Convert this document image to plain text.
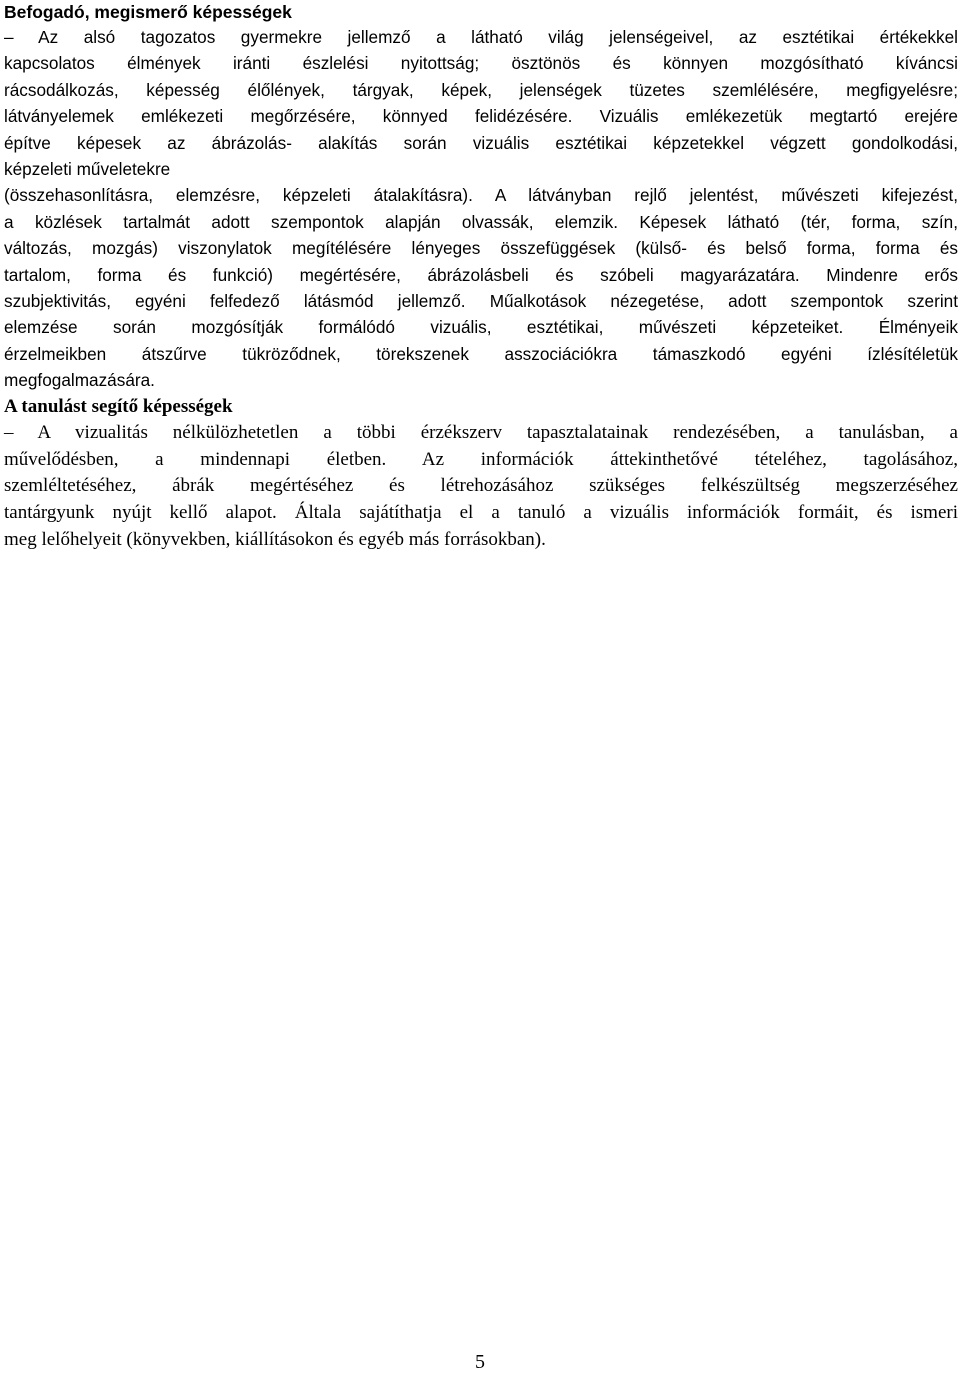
Befogadó, megismerő képességek
– Az alsó tagozatos gyermekre jellemző a látható világ jelenségeivel, az esztétikai értékekkel
kapcsolatos élmények iránti észlelési nyitottság; ösztönös és könnyen mozgósítható kíváncsi
rácsodálkozás, képesség élőlények, tárgyak, képek, jelenségek tüzetes szemlélésére, megfigyelésre;
látványelemek emlékezeti megőrzésére, könnyed felidézésére. Vizuális emlékezetük megtartó erejére
építve képesek az ábrázolás- alakítás során vizuális esztétikai képzetekkel végzett gondolkodási,
képzeleti műveletekre
(összehasonlításra, elemzésre, képzeleti átalakításra). A látványban rejlő jelentést, művészeti kifejezést,
a közlések tartalmát adott szempontok alapján olvassák, elemzik. Képesek látható (tér, forma, szín,
változás, mozgás) viszonylatok megítélésére lényeges összefüggések (külső- és belső forma, forma és
tartalom, forma és funkció) megértésére, ábrázolásbeli és szóbeli magyarázatára. Mindenre erős
szubjektivitás, egyéni felfedező látásmód jellemző. Műalkotások nézegetése, adott szempontok szerint
elemzése során mozgósítják formálódó vizuális, esztétikai, művészeti képzeteiket. Élményeik
érzelmeikben átszűrve tükröződnek, törekszenek asszociációkra támaszkodó egyéni ízlésítéletük
megfogalmazására.
A tanulást segítő képességek
– A vizualitás nélkülözhetetlen a többi érzékszerv tapasztalatainak rendezésében, a tanulásban, a
művelődésben, a mindennapi életben. Az információk áttekinthetővé tételéhez, tagolásához,
szemléltetéséhez, ábrák megértéséhez és létrehozásához szükséges felkészültség megszerzéséhez
tantárgyunk nyújt kellő alapot. Általa sajátíthatja el a tanuló a vizuális információk formáit, és ismeri
meg lelőhelyeit (könyvekben, kiállításokon és egyéb más forrásokban).
5
